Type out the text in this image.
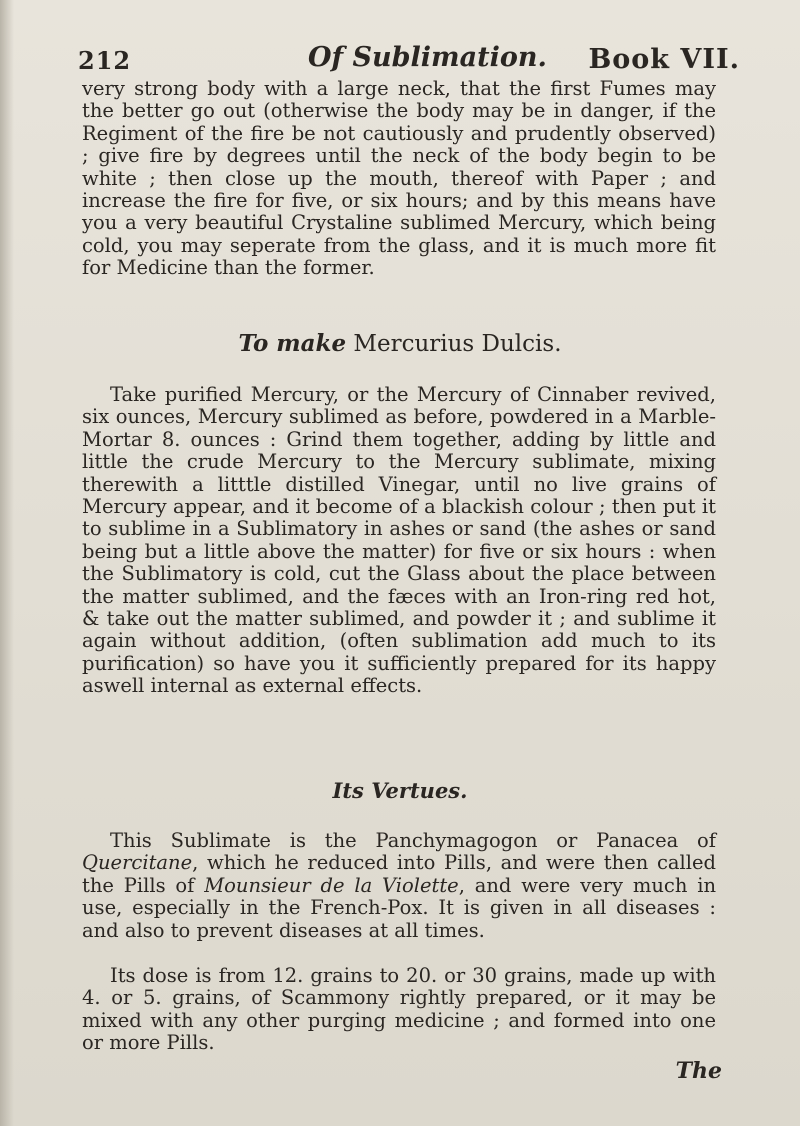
212	Of Sublimation. Book VII.

very strong body with a large neck, that the first Fumes may the better go out (otherwise the body may be in danger, if the Regiment of the fire be not cautiously and prudently observed) ; give fire by degrees until the neck of the body begin to be white ; then close up the mouth, thereof with Paper ; and increase the fire for five, or six hours; and by this means have you a very beautiful Crystaline sublimed Mercury, which being cold, you may seperate from the glass, and it is much more fit for Medicine than the former.

To make Mercurius Dulcis.

Take purified Mercury, or the Mercury of Cinnaber revived, six ounces, Mercury sublimed as before, powdered in a Marble-Mortar 8. ounces : Grind them together, adding by little and little the crude Mercury to the Mercury sublimate, mixing therewith a litttle distilled Vinegar, until no live grains of Mercury appear, and it become of a blackish colour ; then put it to sublime in a Sublimatory in ashes or sand (the ashes or sand being but a little above the matter) for five or six hours : when the Sublimatory is cold, cut the Glass about the place between the matter sublimed, and the fæces with an Iron-ring red hot, & take out the matter sublimed, and powder it ; and sublime it again without addition, (often sublimation add much to its purification) so have you it sufficiently prepared for its happy aswell internal as external effects.

Its Vertues.

This Sublimate is the Panchymagogon or Panacea of Quercitane, which he reduced into Pills, and were then called the Pills of Mounsieur de la Violette, and were very much in use, especially in the French-Pox. It is given in all diseases : and also to prevent diseases at all times.

Its dose is from 12. grains to 20. or 30 grains, made up with 4. or 5. grains, of Scammony rightly prepared, or it may be mixed with any other purging medicine ; and formed into one or more Pills.

The
